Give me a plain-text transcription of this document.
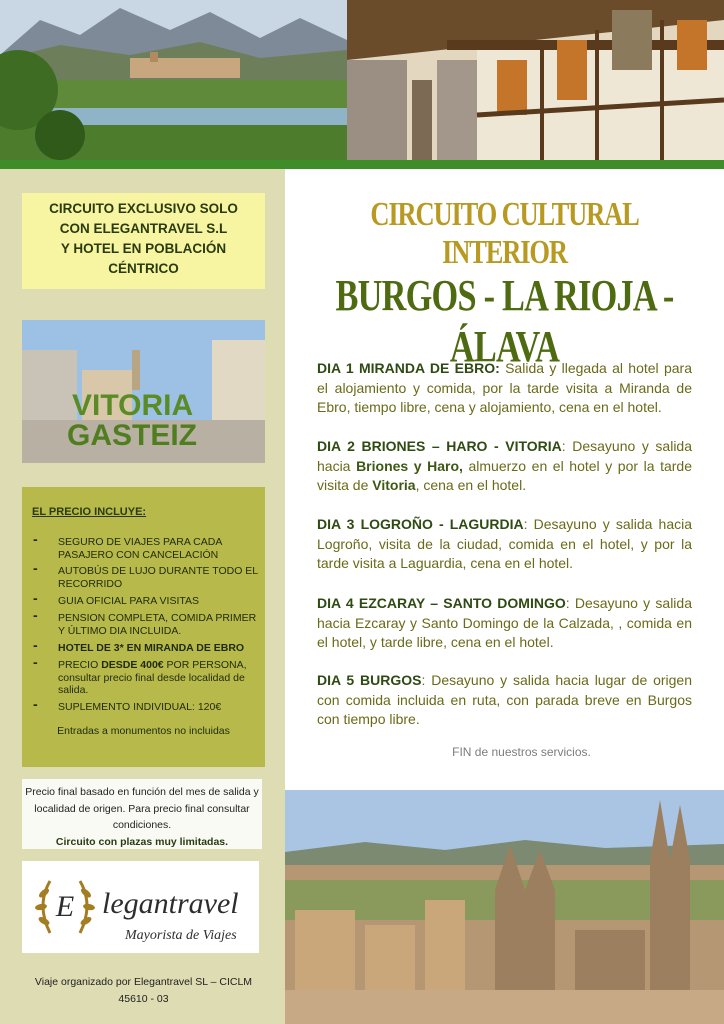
CIRCUITO EXCLUSIVO SOLO
CON ELEGANTRAVEL S.L
Y HOTEL EN POBLACIÓN
CÉNTRICO
VITORIA
GASTEIZ
EL PRECIO INCLUYE:
- SEGURO DE VIAJES PARA CADA PASAJERO CON CANCELACIÓN
- AUTOBÚS DE LUJO DURANTE TODO EL RECORRIDO
- GUIA OFICIAL PARA VISITAS
- PENSION COMPLETA, COMIDA PRIMER Y ÚLTIMO DIA INCLUIDA.
- HOTEL DE 3* EN MIRANDA DE EBRO
- PRECIO DESDE 400€ POR PERSONA, consultar precio final desde localidad de salida.
- SUPLEMENTO INDIVIDUAL: 120€
Entradas a monumentos no incluidas
Precio final basado en función del mes de salida y localidad de origen. Para precio final consultar condiciones.
Circuito con plazas muy limitadas.
E legantravel
Mayorista de Viajes
Viaje organizado por Elegantravel SL – CICLM 45610 - 03
CIRCUITO CULTURAL INTERIOR
BURGOS - LA RIOJA - ÁLAVA
DIA 1 MIRANDA DE EBRO: Salida y llegada al hotel para el alojamiento y comida, por la tarde visita a Miranda de Ebro, tiempo libre, cena y alojamiento, cena en el hotel.
DIA 2 BRIONES – HARO - VITORIA: Desayuno y salida hacia Briones y Haro, almuerzo en el hotel y por la tarde visita de Vitoria, cena en el hotel.
DIA 3 LOGROÑO - LAGURDIA: Desayuno y salida hacia Logroño, visita de la ciudad, comida en el hotel, y por la tarde visita a Laguardia, cena en el hotel.
DIA 4 EZCARAY – SANTO DOMINGO: Desayuno y salida hacia Ezcaray y Santo Domingo de la Calzada, , comida en el hotel, y tarde libre, cena en el hotel.
DIA 5 BURGOS: Desayuno y salida hacia lugar de origen con comida incluida en ruta, con parada breve en Burgos con tiempo libre.
FIN de nuestros servicios.
